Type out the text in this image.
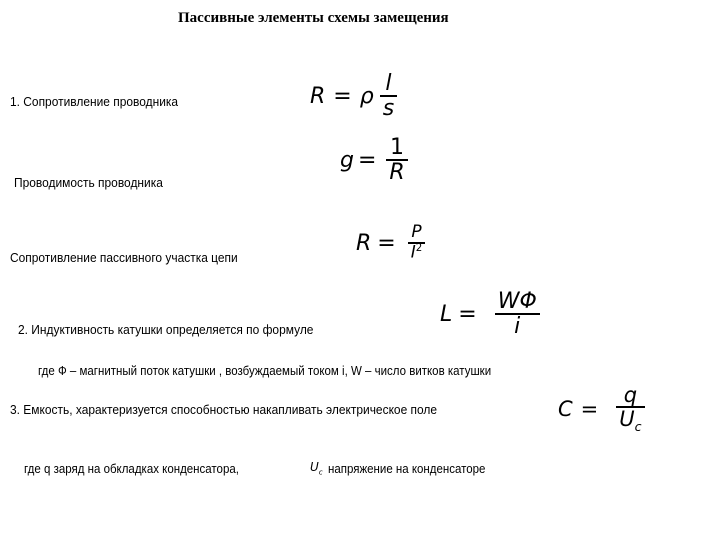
Пассивные элементы схемы замещения
1. Сопротивление проводника	R = ρ $\frac{l}{s}$
$g = \frac{1}{R}$
Проводимость проводника
$R = \frac{P}{I^2}$
Сопротивление пассивного участка цепи
2. Индуктивность катушки определяется по формуле
$L = \frac{W\Phi}{i}$
где Ф – магнитный поток катушки , возбуждаемый током i, W – число витков катушки
3. Емкость, характеризуется способностью накапливать электрическое поле	$C = \frac{q}{U_c}$
где q заряд на обкладках конденсатора,	$U_c$ напряжение на конденсаторе
